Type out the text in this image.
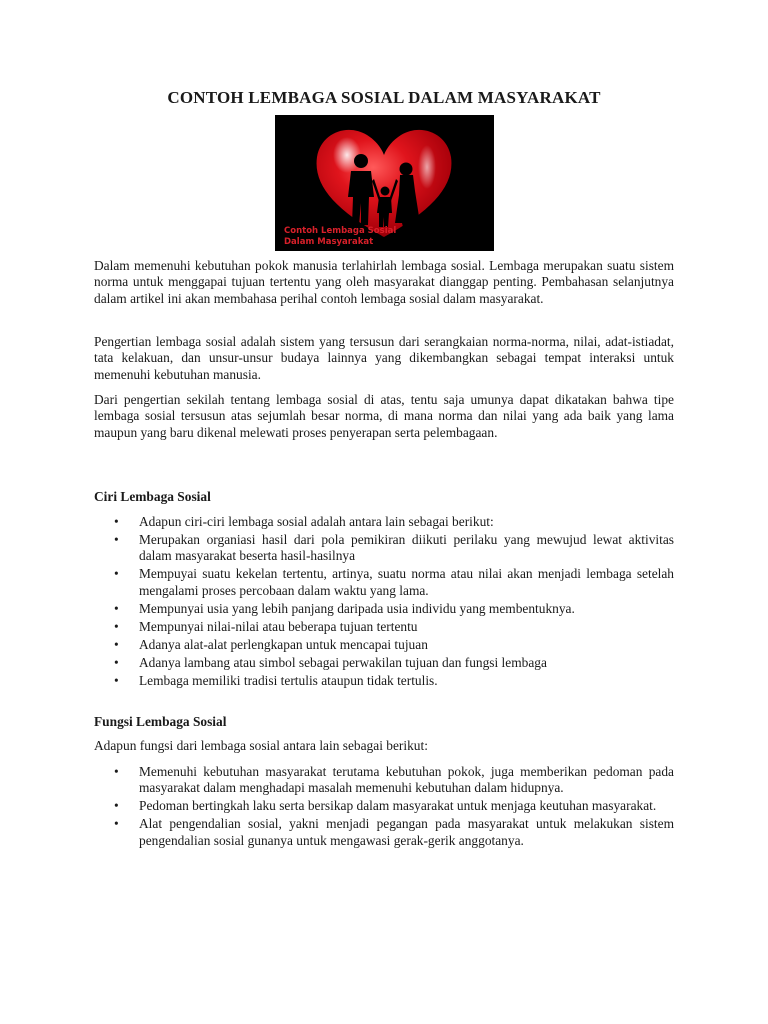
CONTOH LEMBAGA SOSIAL DALAM MASYARAKAT
Contoh Lembaga Sosial
Dalam Masyarakat

Dalam memenuhi kebutuhan pokok manusia terlahirlah lembaga sosial. Lembaga merupakan suatu sistem norma untuk menggapai tujuan tertentu yang oleh masyarakat dianggap penting. Pembahasan selanjutnya dalam artikel ini akan membahasa perihal contoh lembaga sosial dalam masyarakat.

Pengertian lembaga sosial adalah sistem yang tersusun dari serangkaian norma-norma, nilai, adat-istiadat, tata kelakuan, dan unsur-unsur budaya lainnya yang dikembangkan sebagai tempat interaksi untuk memenuhi kebutuhan manusia.

Dari pengertian sekilah tentang lembaga sosial di atas, tentu saja umunya dapat dikatakan bahwa tipe lembaga sosial tersusun atas sejumlah besar norma, di mana norma dan nilai yang ada baik yang lama maupun yang baru dikenal melewati proses penyerapan serta pelembagaan.

Ciri Lembaga Sosial
• Adapun ciri-ciri lembaga sosial adalah antara lain sebagai berikut:
• Merupakan organiasi hasil dari pola pemikiran diikuti perilaku yang mewujud lewat aktivitas dalam masyarakat beserta hasil-hasilnya
• Mempuyai suatu kekelan tertentu, artinya, suatu norma atau nilai akan menjadi lembaga setelah mengalami proses percobaan dalam waktu yang lama.
• Mempunyai usia yang lebih panjang daripada usia individu yang membentuknya.
• Mempunyai nilai-nilai atau beberapa tujuan tertentu
• Adanya alat-alat perlengkapan untuk mencapai tujuan
• Adanya lambang atau simbol sebagai perwakilan tujuan dan fungsi lembaga
• Lembaga memiliki tradisi tertulis ataupun tidak tertulis.
Fungsi Lembaga Sosial

Adapun fungsi dari lembaga sosial antara lain sebagai berikut:

• Memenuhi kebutuhan masyarakat terutama kebutuhan pokok, juga memberikan pedoman pada masyarakat dalam menghadapi masalah memenuhi kebutuhan dalam hidupnya.
• Pedoman bertingkah laku serta bersikap dalam masyarakat untuk menjaga keutuhan masyarakat.
• Alat pengendalian sosial, yakni menjadi pegangan pada masyarakat untuk melakukan sistem pengendalian sosial gunanya untuk mengawasi gerak-gerik anggotanya.
